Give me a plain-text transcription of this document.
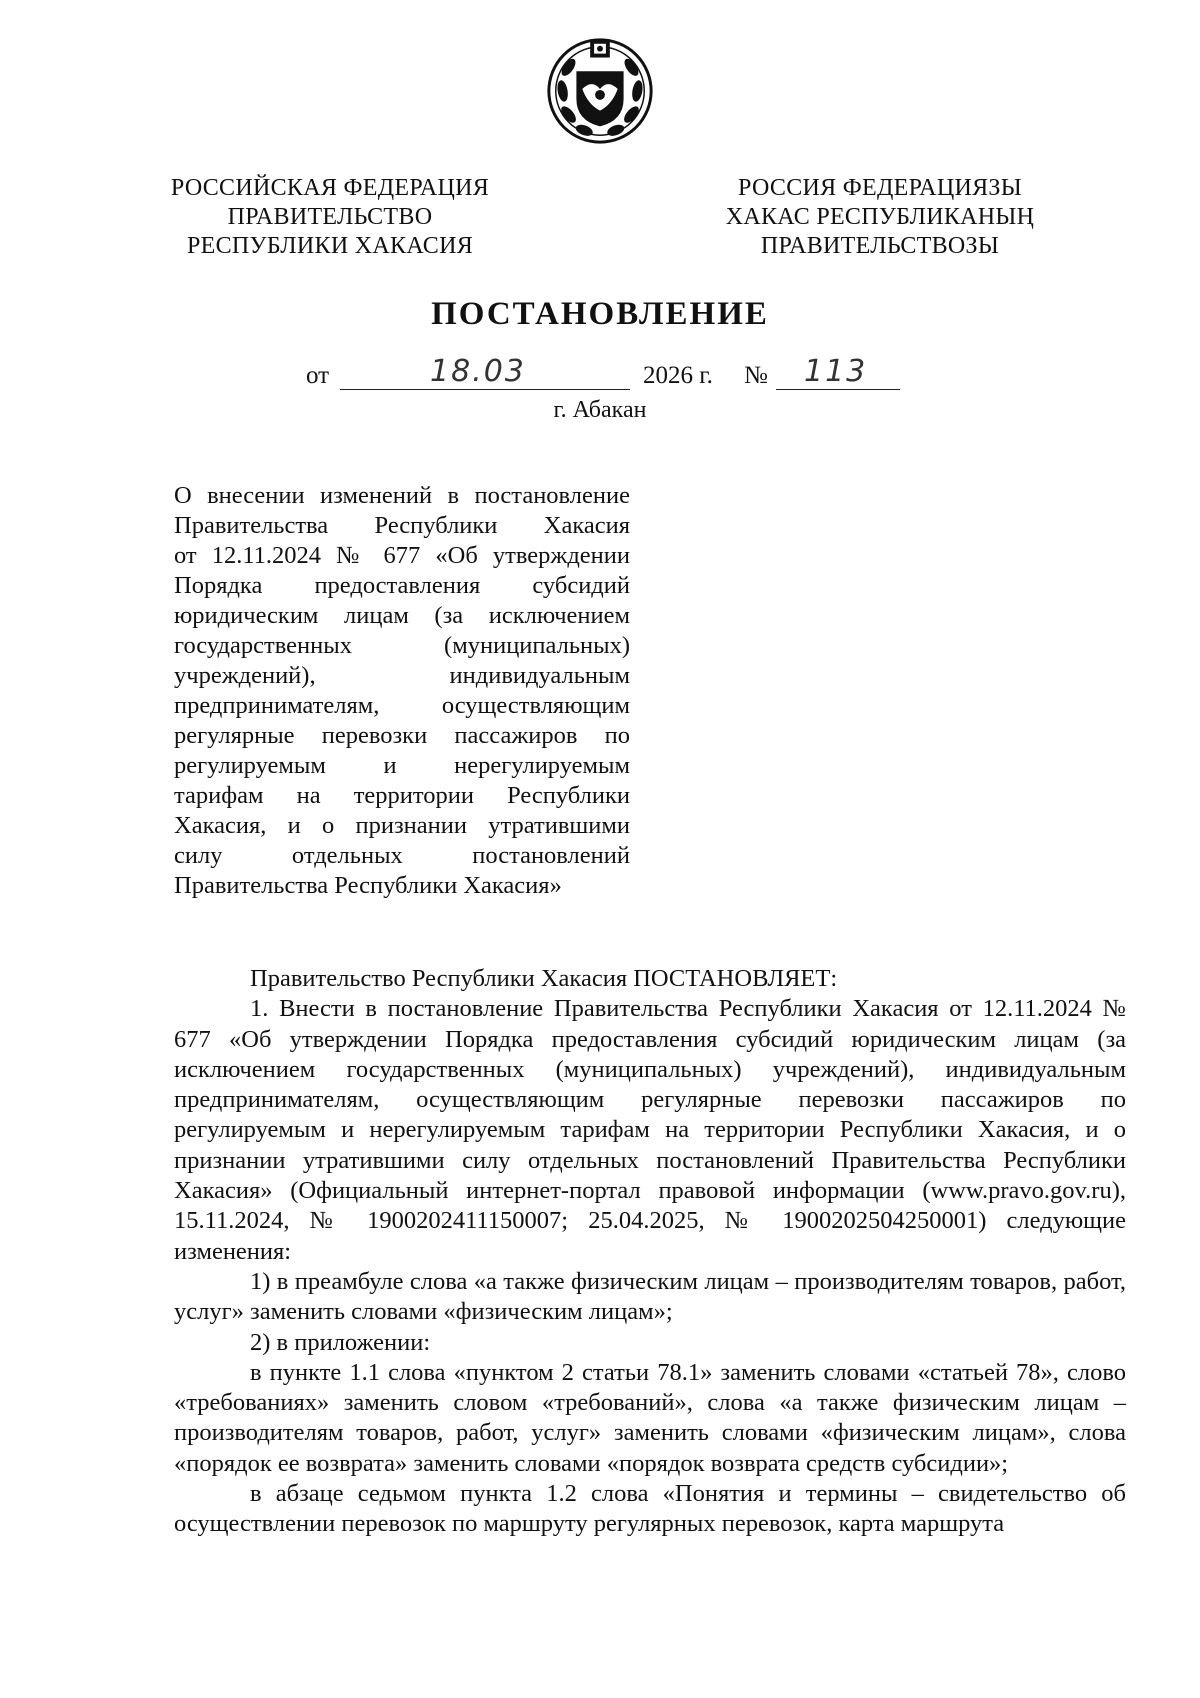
РОССИЙСКАЯ ФЕДЕРАЦИЯ
ПРАВИТЕЛЬСТВО
РЕСПУБЛИКИ ХАКАСИЯ
РОССИЯ ФЕДЕРАЦИЯЗЫ
ХАКАС РЕСПУБЛИКАНЫҢ
ПРАВИТЕЛЬСТВОЗЫ
ПОСТАНОВЛЕНИЕ
от	18.03	2026 г. № 113
г. Абакан
О внесении изменений в постановление
Правительства Республики Хакасия
от 12.11.2024 № 677 «Об утверждении
Порядка предоставления субсидий
юридическим лицам (за исключением
государственных (муниципальных)
учреждений), индивидуальным
предпринимателям, осуществляющим
регулярные перевозки пассажиров по
регулируемым и нерегулируемым
тарифам на территории Республики
Хакасия, и о признании утратившими
силу отдельных постановлений
Правительства Республики Хакасия»

Правительство Республики Хакасия ПОСТАНОВЛЯЕТ:

1. Внести в постановление Правительства Республики Хакасия от 12.11.2024 № 677 «Об утверждении Порядка предоставления субсидий юридическим лицам (за исключением государственных (муниципальных) учреждений), индивидуальным предпринимателям, осуществляющим регулярные перевозки пассажиров по регулируемым и нерегулируемым тарифам на территории Республики Хакасия, и о признании утратившими силу отдельных постановлений Правительства Республики Хакасия» (Официальный интернет-портал правовой информации (www.pravo.gov.ru), 15.11.2024, № 1900202411150007; 25.04.2025, № 1900202504250001) следующие изменения:

1) в преамбуле слова «а также физическим лицам – производителям товаров, работ, услуг» заменить словами «физическим лицам»;

2) в приложении:

в пункте 1.1 слова «пунктом 2 статьи 78.1» заменить словами «статьей 78», слово «требованиях» заменить словом «требований», слова «а также физическим лицам – производителям товаров, работ, услуг» заменить словами «физическим лицам», слова «порядок ее возврата» заменить словами «порядок возврата средств субсидии»;

в абзаце седьмом пункта 1.2 слова «Понятия и термины – свидетельство об осуществлении перевозок по маршруту регулярных перевозок, карта маршрута
